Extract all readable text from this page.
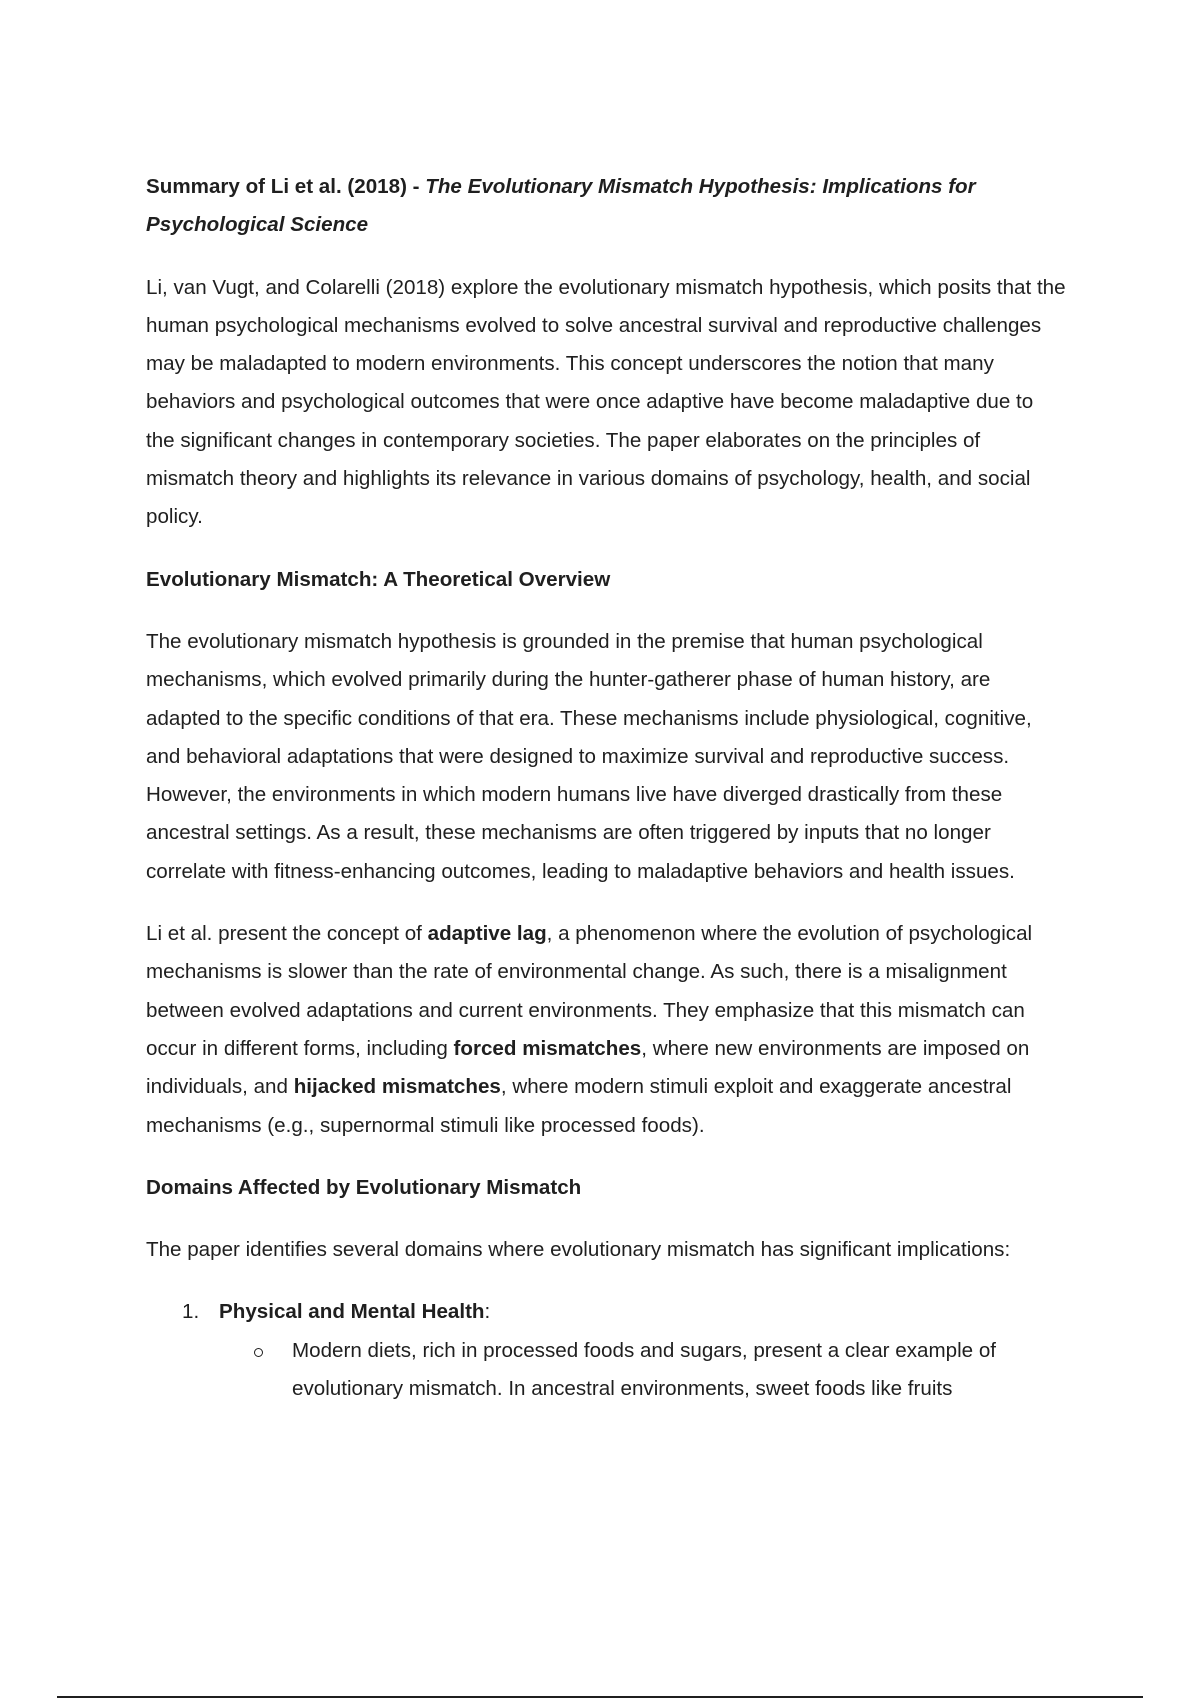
Summary of Li et al. (2018) - The Evolutionary Mismatch Hypothesis: Implications for Psychological Science

Li, van Vugt, and Colarelli (2018) explore the evolutionary mismatch hypothesis, which posits that the human psychological mechanisms evolved to solve ancestral survival and reproductive challenges may be maladapted to modern environments. This concept underscores the notion that many behaviors and psychological outcomes that were once adaptive have become maladaptive due to the significant changes in contemporary societies. The paper elaborates on the principles of mismatch theory and highlights its relevance in various domains of psychology, health, and social policy.

Evolutionary Mismatch: A Theoretical Overview

The evolutionary mismatch hypothesis is grounded in the premise that human psychological mechanisms, which evolved primarily during the hunter-gatherer phase of human history, are adapted to the specific conditions of that era. These mechanisms include physiological, cognitive, and behavioral adaptations that were designed to maximize survival and reproductive success. However, the environments in which modern humans live have diverged drastically from these ancestral settings. As a result, these mechanisms are often triggered by inputs that no longer correlate with fitness-enhancing outcomes, leading to maladaptive behaviors and health issues.

Li et al. present the concept of adaptive lag, a phenomenon where the evolution of psychological mechanisms is slower than the rate of environmental change. As such, there is a misalignment between evolved adaptations and current environments. They emphasize that this mismatch can occur in different forms, including forced mismatches, where new environments are imposed on individuals, and hijacked mismatches, where modern stimuli exploit and exaggerate ancestral mechanisms (e.g., supernormal stimuli like processed foods).

Domains Affected by Evolutionary Mismatch

The paper identifies several domains where evolutionary mismatch has significant implications:

1. Physical and Mental Health:
Modern diets, rich in processed foods and sugars, present a clear example of evolutionary mismatch. In ancestral environments, sweet foods like fruits
